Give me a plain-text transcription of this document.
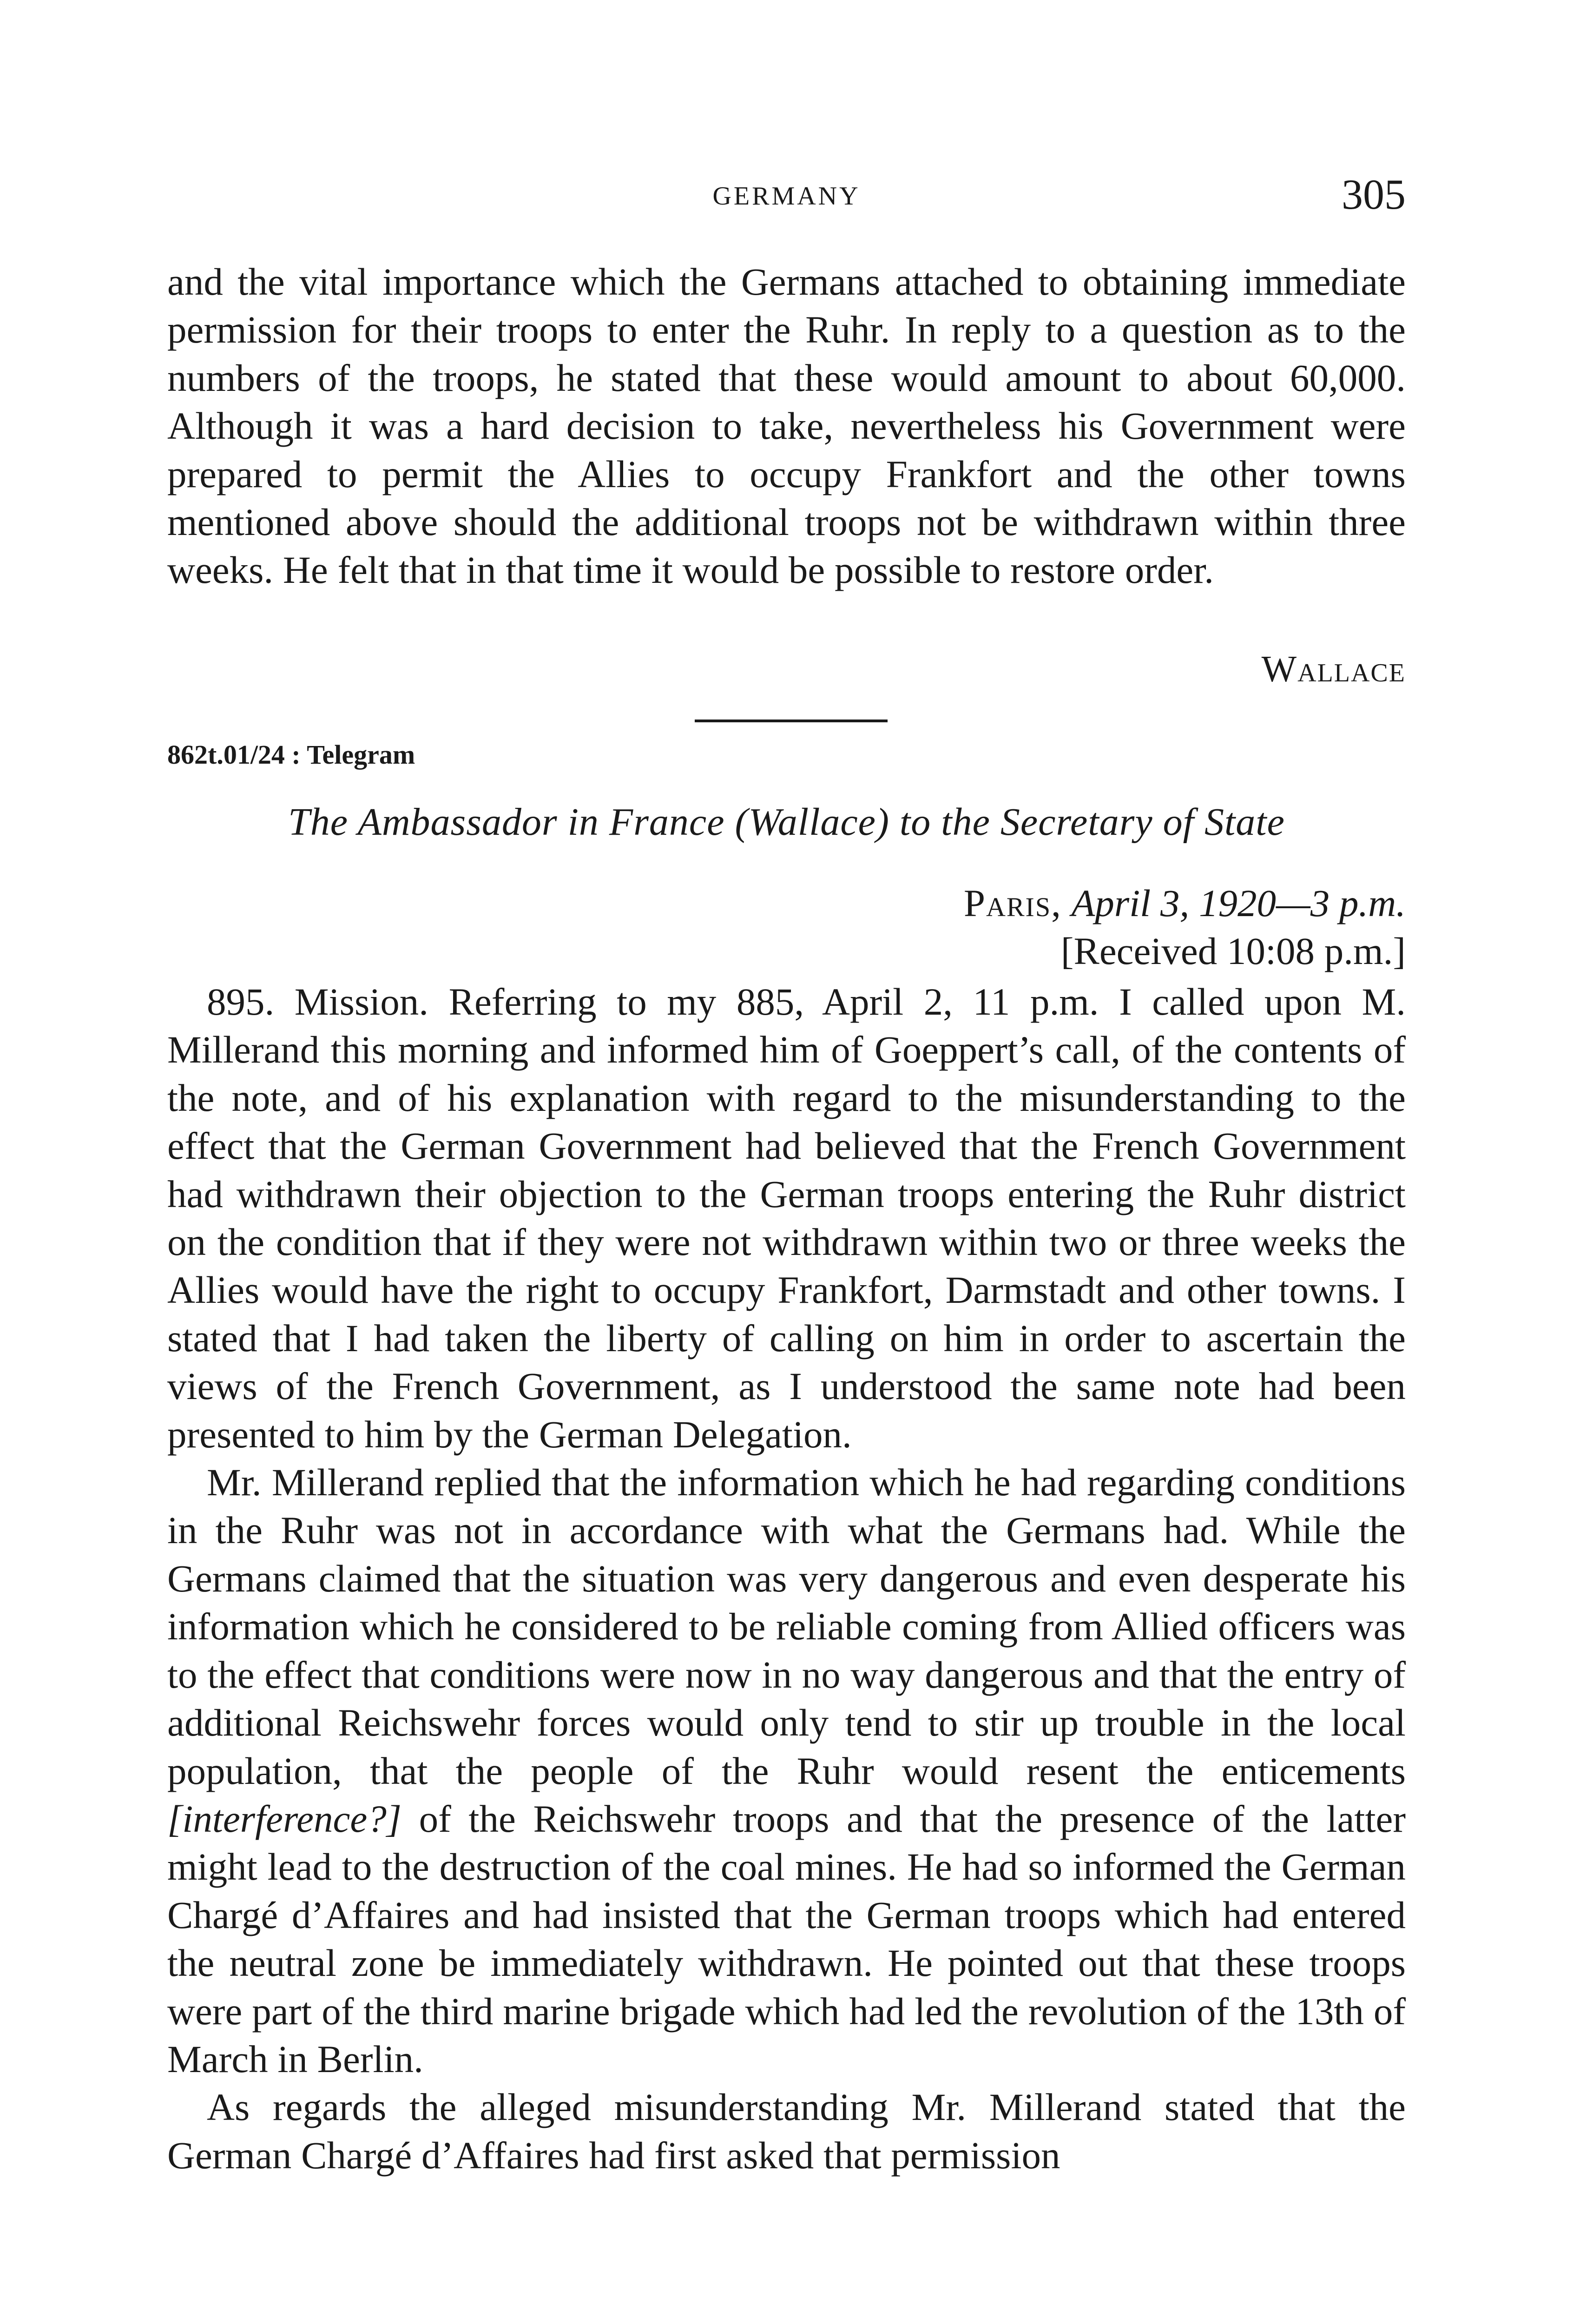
GERMANY	305

and the vital importance which the Germans attached to obtaining immediate permission for their troops to enter the Ruhr. In reply to a question as to the numbers of the troops, he stated that these would amount to about 60,000. Although it was a hard decision to take, nevertheless his Government were prepared to permit the Allies to occupy Frankfort and the other towns mentioned above should the additional troops not be withdrawn within three weeks. He felt that in that time it would be possible to restore order.

Wallace
862t.01/24 : Telegram
The Ambassador in France (Wallace) to the Secretary of State
Paris, April 3, 1920—3 p.m.
[Received 10:08 p.m.]

895. Mission. Referring to my 885, April 2, 11 p.m. I called upon M. Millerand this morning and informed him of Goeppert’s call, of the contents of the note, and of his explanation with regard to the misunderstanding to the effect that the German Government had believed that the French Government had withdrawn their objection to the German troops entering the Ruhr district on the condition that if they were not withdrawn within two or three weeks the Allies would have the right to occupy Frankfort, Darmstadt and other towns. I stated that I had taken the liberty of calling on him in order to ascertain the views of the French Government, as I understood the same note had been presented to him by the German Delegation.

Mr. Millerand replied that the information which he had regarding conditions in the Ruhr was not in accordance with what the Germans had. While the Germans claimed that the situation was very dangerous and even desperate his information which he considered to be reliable coming from Allied officers was to the effect that conditions were now in no way dangerous and that the entry of additional Reichswehr forces would only tend to stir up trouble in the local population, that the people of the Ruhr would resent the enticements [interference?] of the Reichswehr troops and that the presence of the latter might lead to the destruction of the coal mines. He had so informed the German Chargé d’Affaires and had insisted that the German troops which had entered the neutral zone be immediately withdrawn. He pointed out that these troops were part of the third marine brigade which had led the revolution of the 13th of March in Berlin.

As regards the alleged misunderstanding Mr. Millerand stated that the German Chargé d’Affaires had first asked that permission
